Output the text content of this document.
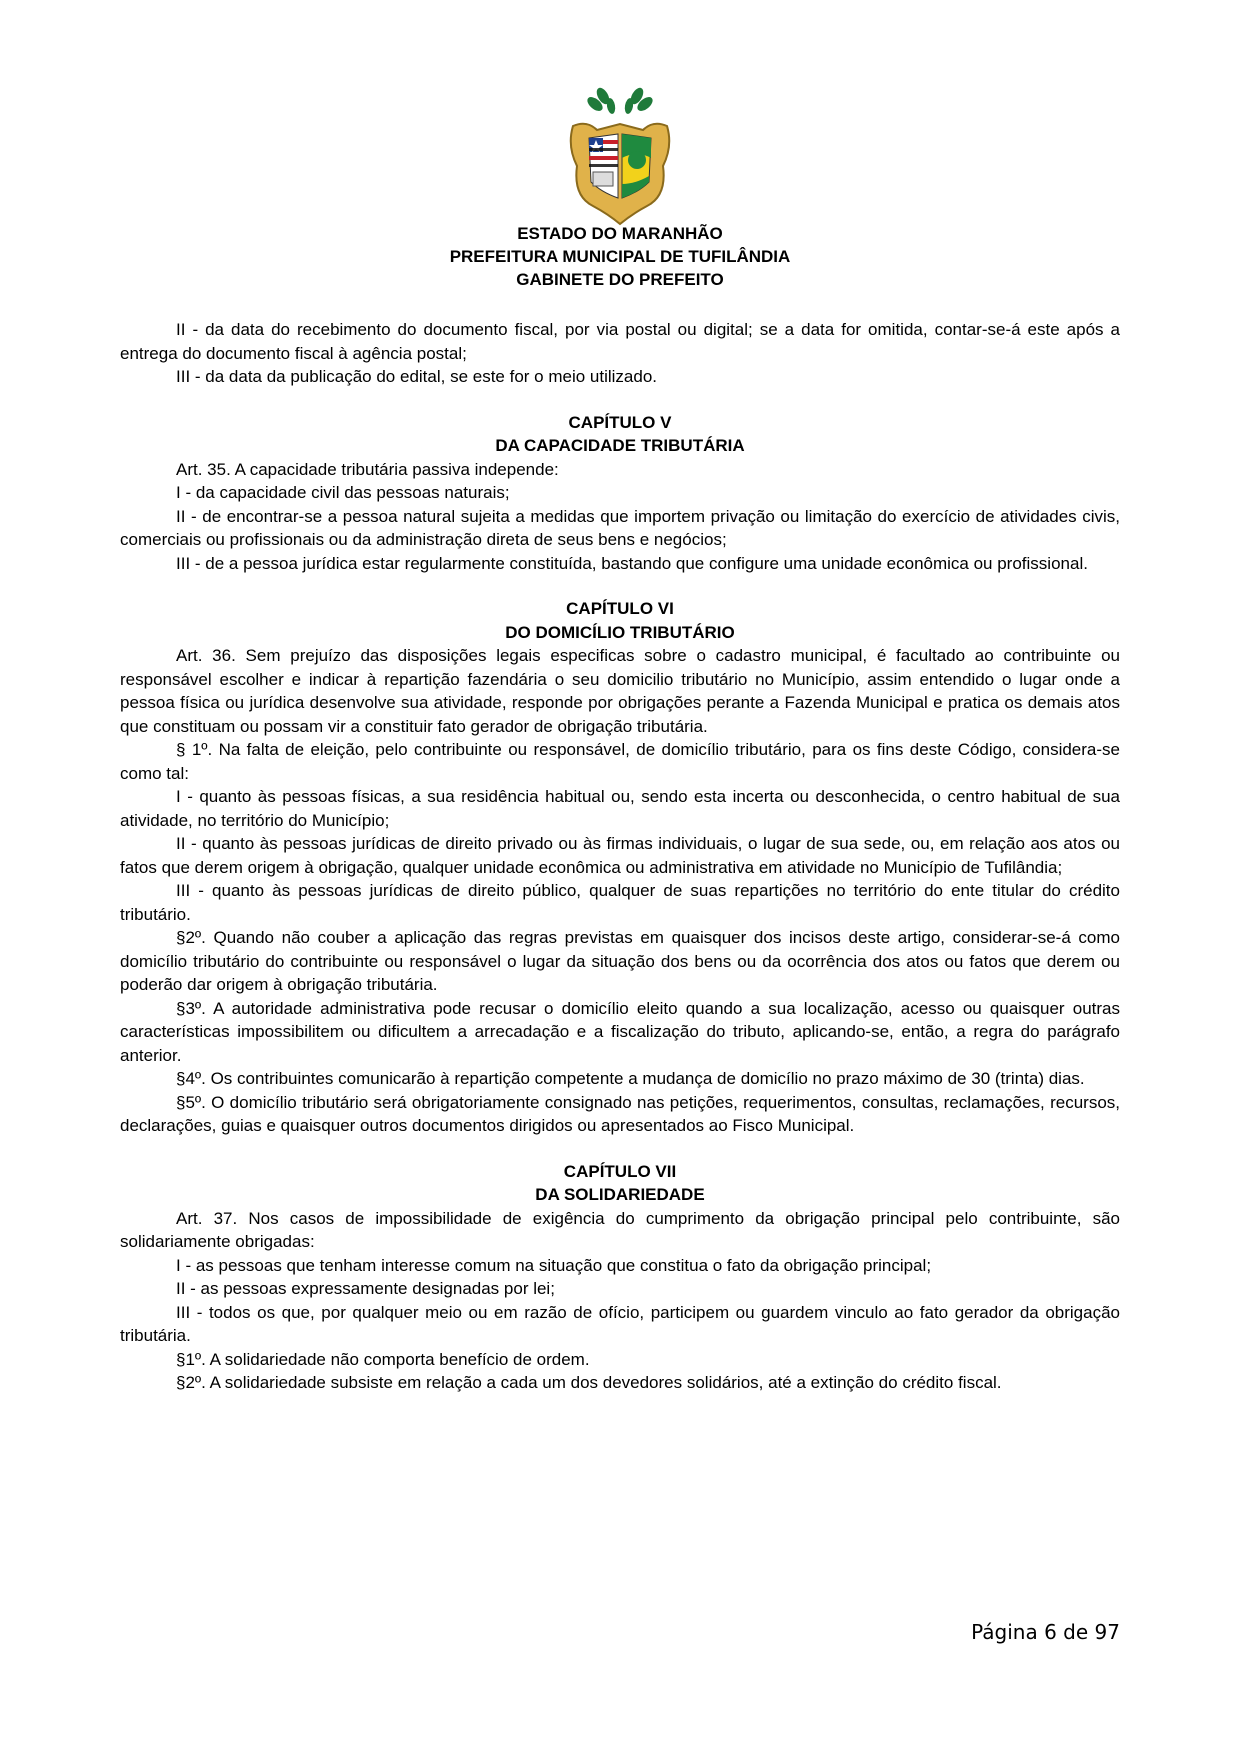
ESTADO DO MARANHÃO
PREFEITURA MUNICIPAL DE TUFILÂNDIA
GABINETE DO PREFEITO

II - da data do recebimento do documento fiscal, por via postal ou digital; se a data for omitida, contar-se-á este após a entrega do documento fiscal à agência postal;

III - da data da publicação do edital, se este for o meio utilizado.

CAPÍTULO V
DA CAPACIDADE TRIBUTÁRIA

Art. 35. A capacidade tributária passiva independe:

I - da capacidade civil das pessoas naturais;

II - de encontrar-se a pessoa natural sujeita a medidas que importem privação ou limitação do exercício de atividades civis, comerciais ou profissionais ou da administração direta de seus bens e negócios;

III - de a pessoa jurídica estar regularmente constituída, bastando que configure uma unidade econômica ou profissional.

CAPÍTULO VI
DO DOMICÍLIO TRIBUTÁRIO

Art. 36. Sem prejuízo das disposições legais especificas sobre o cadastro municipal, é facultado ao contribuinte ou responsável escolher e indicar à repartição fazendária o seu domicilio tributário no Município, assim entendido o lugar onde a pessoa física ou jurídica desenvolve sua atividade, responde por obrigações perante a Fazenda Municipal e pratica os demais atos que constituam ou possam vir a constituir fato gerador de obrigação tributária.

§ 1º. Na falta de eleição, pelo contribuinte ou responsável, de domicílio tributário, para os fins deste Código, considera-se como tal:

I - quanto às pessoas físicas, a sua residência habitual ou, sendo esta incerta ou desconhecida, o centro habitual de sua atividade, no território do Município;

II - quanto às pessoas jurídicas de direito privado ou às firmas individuais, o lugar de sua sede, ou, em relação aos atos ou fatos que derem origem à obrigação, qualquer unidade econômica ou administrativa em atividade no Município de Tufilândia;

III - quanto às pessoas jurídicas de direito público, qualquer de suas repartições no território do ente titular do crédito tributário.

§2º. Quando não couber a aplicação das regras previstas em quaisquer dos incisos deste artigo, considerar-se-á como domicílio tributário do contribuinte ou responsável o lugar da situação dos bens ou da ocorrência dos atos ou fatos que derem ou poderão dar origem à obrigação tributária.

§3º. A autoridade administrativa pode recusar o domicílio eleito quando a sua localização, acesso ou quaisquer outras características impossibilitem ou dificultem a arrecadação e a fiscalização do tributo, aplicando-se, então, a regra do parágrafo anterior.

§4º. Os contribuintes comunicarão à repartição competente a mudança de domicílio no prazo máximo de 30 (trinta) dias.

§5º. O domicílio tributário será obrigatoriamente consignado nas petições, requerimentos, consultas, reclamações, recursos, declarações, guias e quaisquer outros documentos dirigidos ou apresentados ao Fisco Municipal.

CAPÍTULO VII
DA SOLIDARIEDADE

Art. 37. Nos casos de impossibilidade de exigência do cumprimento da obrigação principal pelo contribuinte, são solidariamente obrigadas:

I - as pessoas que tenham interesse comum na situação que constitua o fato da obrigação principal;

II - as pessoas expressamente designadas por lei;

III - todos os que, por qualquer meio ou em razão de ofício, participem ou guardem vinculo ao fato gerador da obrigação tributária.

§1º. A solidariedade não comporta benefício de ordem.

§2º. A solidariedade subsiste em relação a cada um dos devedores solidários, até a extinção do crédito fiscal.

Página 6 de 97
